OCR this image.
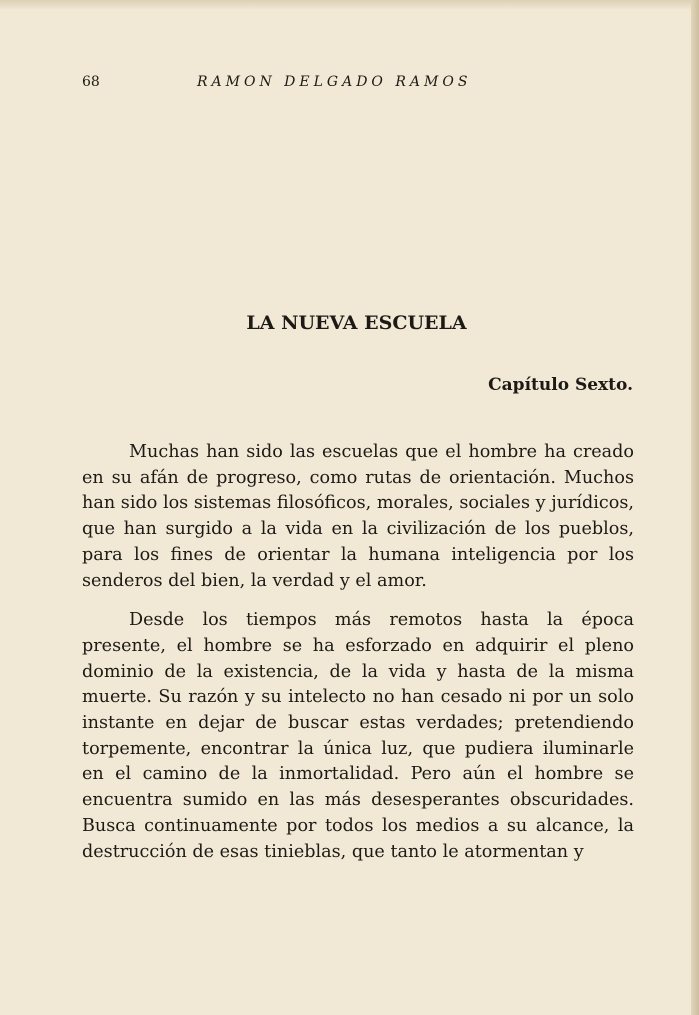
68	RAMON DELGADO RAMOS
LA NUEVA ESCUELA
Capítulo Sexto.

Muchas han sido las escuelas que el hombre ha creado en su afán de progreso, como rutas de orientación. Muchos han sido los sistemas filosóficos, morales, sociales y jurídicos, que han surgido a la vida en la civilización de los pueblos, para los fines de orientar la humana inteligencia por los senderos del bien, la verdad y el amor.

Desde los tiempos más remotos hasta la época presente, el hombre se ha esforzado en adquirir el pleno dominio de la existencia, de la vida y hasta de la misma muerte. Su razón y su intelecto no han cesado ni por un solo instante en dejar de buscar estas verdades; pretendiendo torpemente, encontrar la única luz, que pudiera iluminarle en el camino de la inmortalidad. Pero aún el hombre se encuentra sumido en las más desesperantes obscuridades. Busca continuamente por todos los medios a su alcance, la destrucción de esas tinieblas, que tanto le atormentan y
